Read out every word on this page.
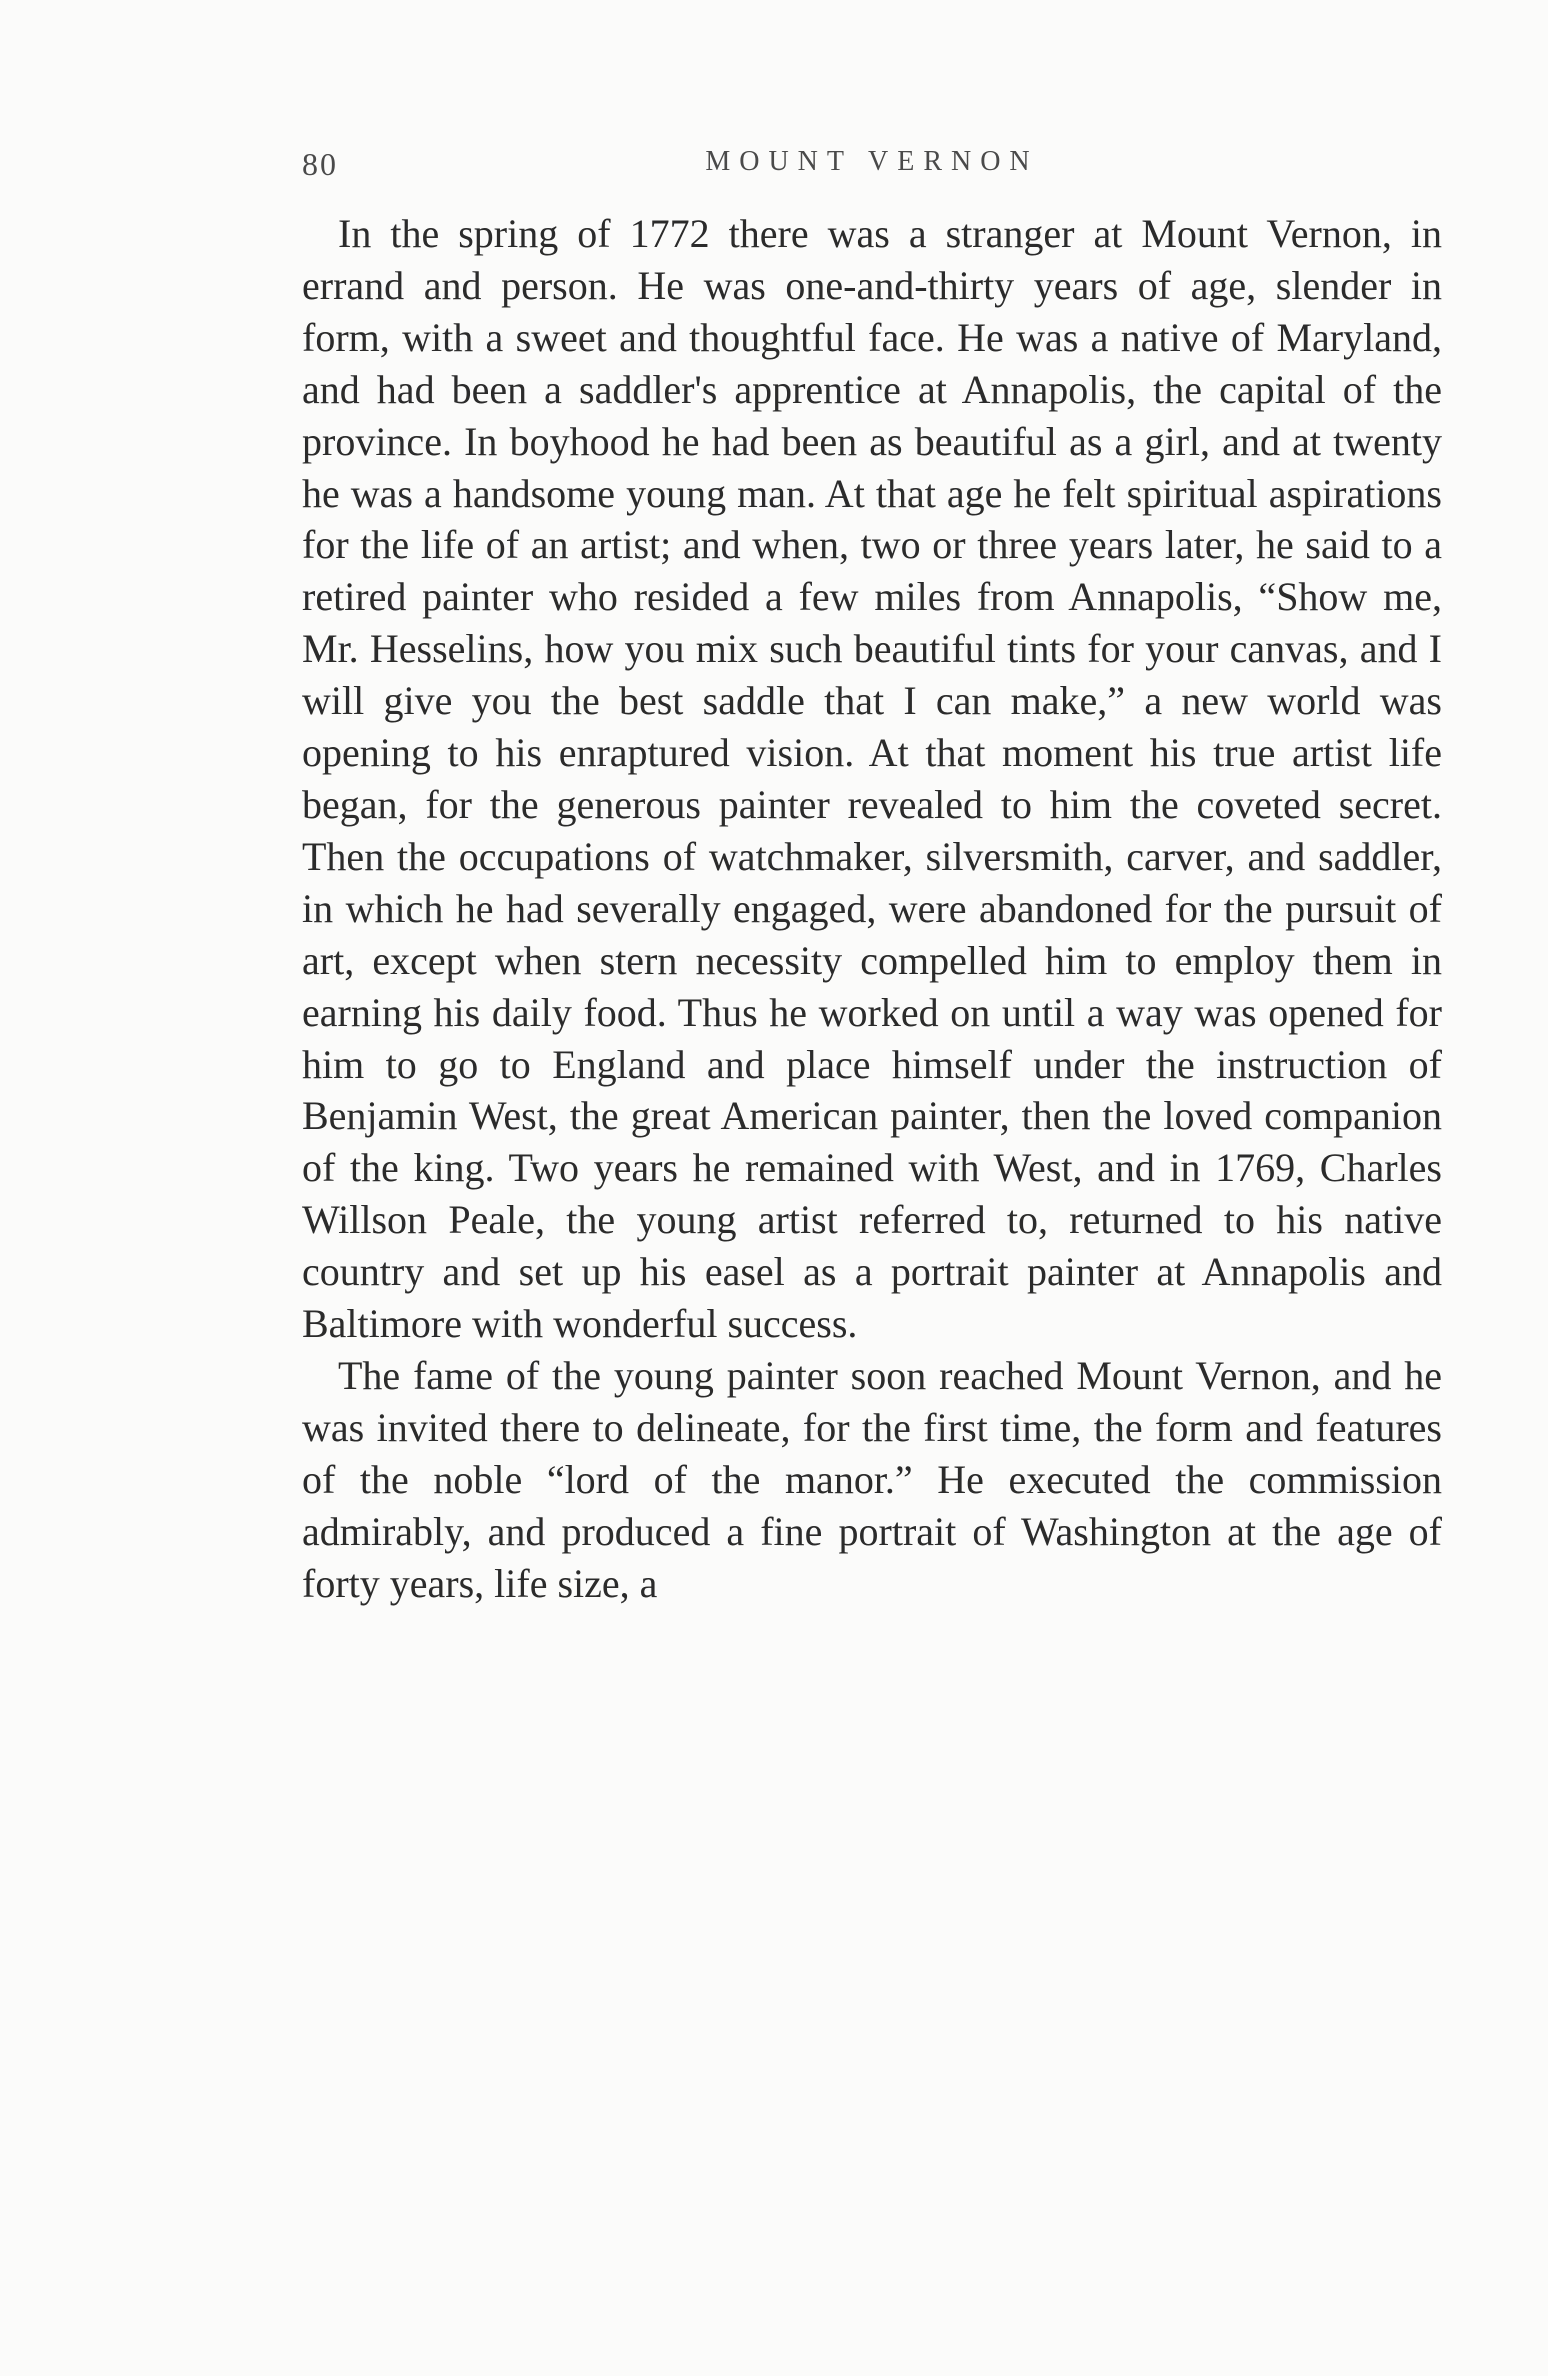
80	MOUNT VERNON

In the spring of 1772 there was a stranger at Mount Vernon, in errand and person. He was one-and-thirty years of age, slender in form, with a sweet and thoughtful face. He was a native of Maryland, and had been a saddler's apprentice at Annapolis, the capital of the province. In boyhood he had been as beautiful as a girl, and at twenty he was a handsome young man. At that age he felt spiritual aspirations for the life of an artist; and when, two or three years later, he said to a retired painter who resided a few miles from Annapolis, “Show me, Mr. Hesselins, how you mix such beautiful tints for your canvas, and I will give you the best saddle that I can make,” a new world was opening to his enraptured vision. At that moment his true artist life began, for the generous painter revealed to him the coveted secret. Then the occupations of watchmaker, silversmith, carver, and saddler, in which he had severally engaged, were abandoned for the pursuit of art, except when stern necessity compelled him to employ them in earning his daily food. Thus he worked on until a way was opened for him to go to England and place himself under the instruction of Benjamin West, the great American painter, then the loved companion of the king. Two years he remained with West, and in 1769, Charles Willson Peale, the young artist referred to, returned to his native country and set up his easel as a portrait painter at Annapolis and Baltimore with wonderful success.

The fame of the young painter soon reached Mount Vernon, and he was invited there to delineate, for the first time, the form and features of the noble “lord of the manor.” He executed the commission admirably, and produced a fine portrait of Washington at the age of forty years, life size, a
